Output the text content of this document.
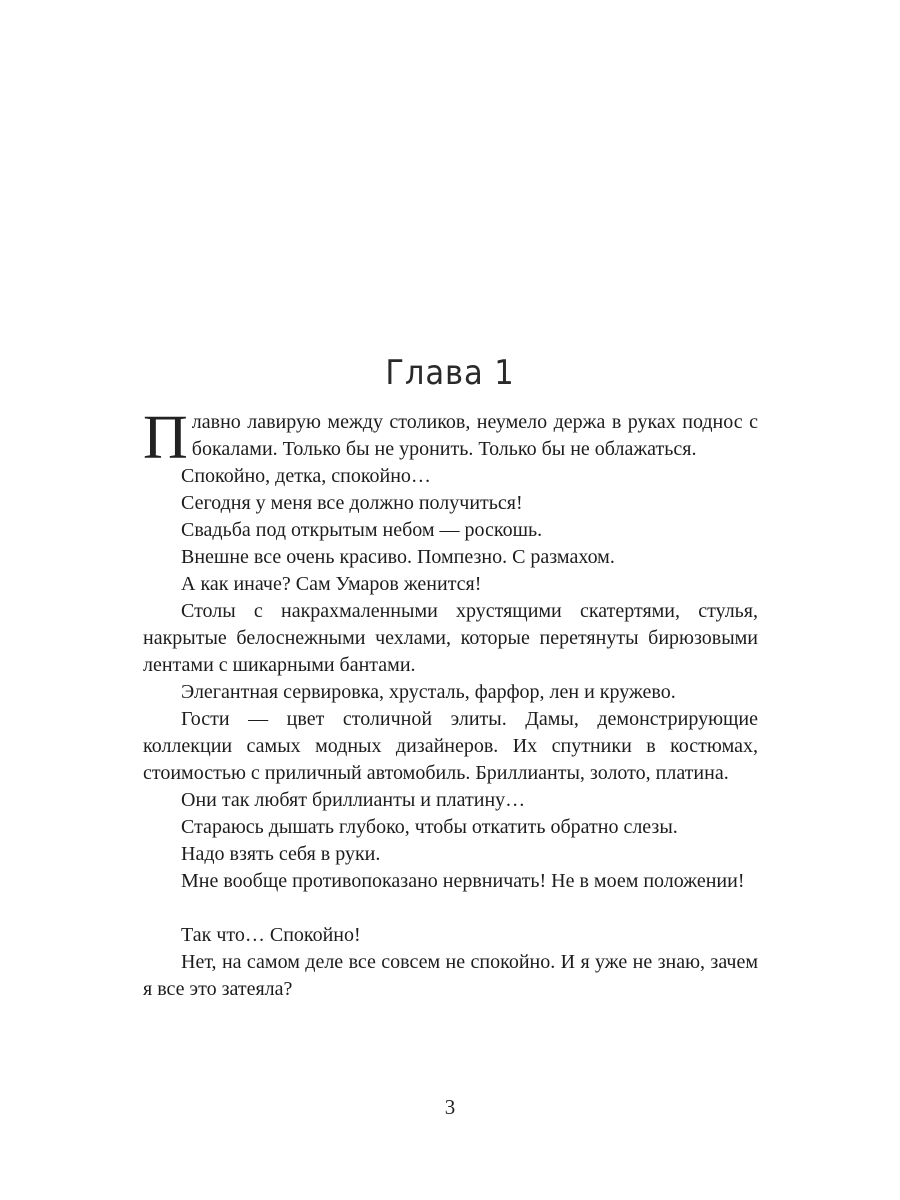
Глава 1

Плавно лавирую между столиков, неумело держа в руках поднос с бокалами. Только бы не уронить. Только бы не облажаться.

Спокойно, детка, спокойно…

Сегодня у меня все должно получиться!

Свадьба под открытым небом — роскошь.

Внешне все очень красиво. Помпезно. С размахом.

А как иначе? Сам Умаров женится!

Столы с накрахмаленными хрустящими скатертями, стулья, накрытые белоснежными чехлами, которые перетянуты бирюзовыми лентами с шикарными бантами.

Элегантная сервировка, хрусталь, фарфор, лен и кружево.

Гости — цвет столичной элиты. Дамы, демонстрирующие коллекции самых модных дизайнеров. Их спутники в костюмах, стоимостью с приличный автомобиль. Бриллианты, золото, платина.

Они так любят бриллианты и платину…

Стараюсь дышать глубоко, чтобы откатить обратно слезы.

Надо взять себя в руки.

Мне вообще противопоказано нервничать! Не в моем положении!

Так что… Спокойно!

Нет, на самом деле все совсем не спокойно. И я уже не знаю, зачем я все это затеяла?

3
